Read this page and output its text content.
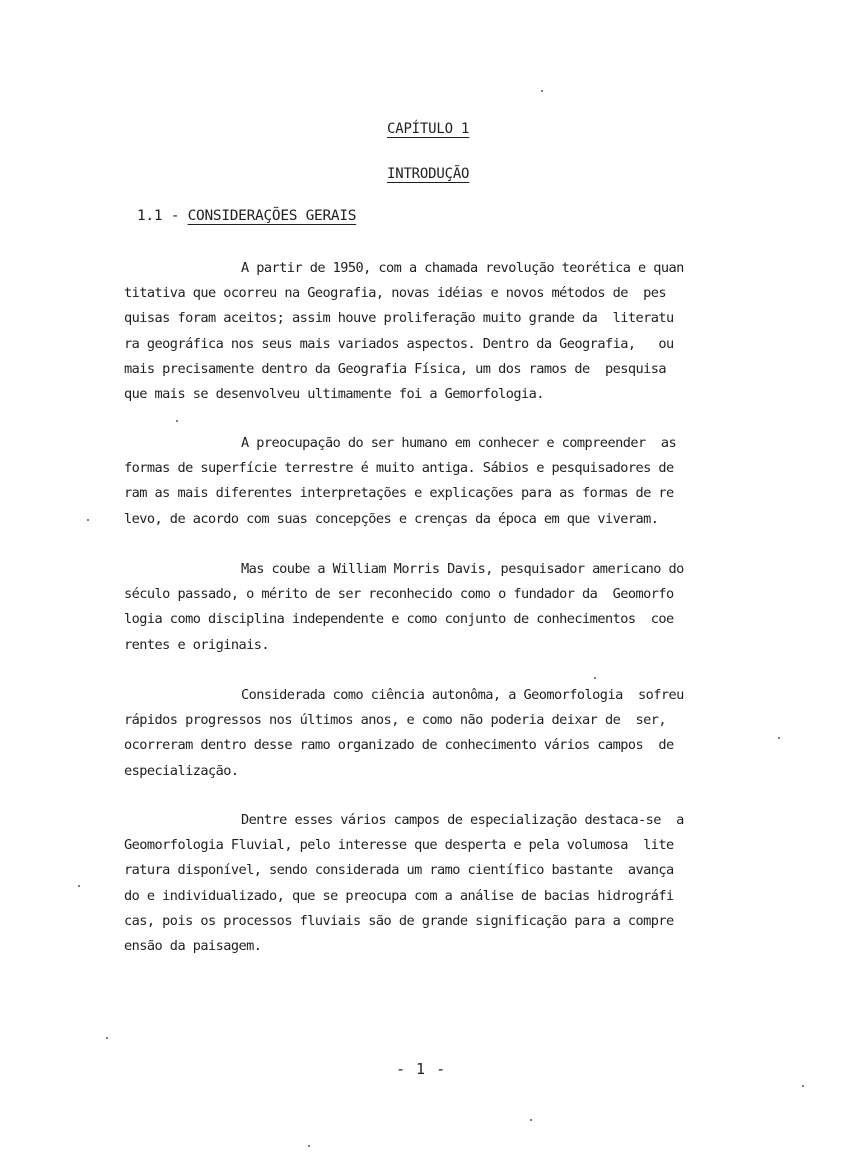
CAPÍTULO 1
INTRODUÇÃO
1.1 - CONSIDERAÇÕES GERAIS
A partir de 1950, com a chamada revolução teorética e quan
titativa que ocorreu na Geografia, novas idéias e novos métodos de  pes
quisas foram aceitos; assim houve proliferação muito grande da  literatu
ra geográfica nos seus mais variados aspectos. Dentro da Geografia,   ou
mais precisamente dentro da Geografia Física, um dos ramos de  pesquisa
que mais se desenvolveu ultimamente foi a Gemorfologia.
A preocupação do ser humano em conhecer e compreender  as
formas de superfície terrestre é muito antiga. Sábios e pesquisadores de
ram as mais diferentes interpretações e explicações para as formas de re
levo, de acordo com suas concepções e crenças da época em que viveram.
Mas coube a William Morris Davis, pesquisador americano do
século passado, o mérito de ser reconhecido como o fundador da  Geomorfo
logia como disciplina independente e como conjunto de conhecimentos  coe
rentes e originais.
Considerada como ciência autonôma, a Geomorfologia  sofreu
rápidos progressos nos últimos anos, e como não poderia deixar de  ser,
ocorreram dentro desse ramo organizado de conhecimento vários campos  de
especialização.
Dentre esses vários campos de especialização destaca-se  a
Geomorfologia Fluvial, pelo interesse que desperta e pela volumosa  lite
ratura disponível, sendo considerada um ramo científico bastante  avança
do e individualizado, que se preocupa com a análise de bacias hidrográfi
cas, pois os processos fluviais são de grande significação para a compre
ensão da paisagem.
- 1 -
